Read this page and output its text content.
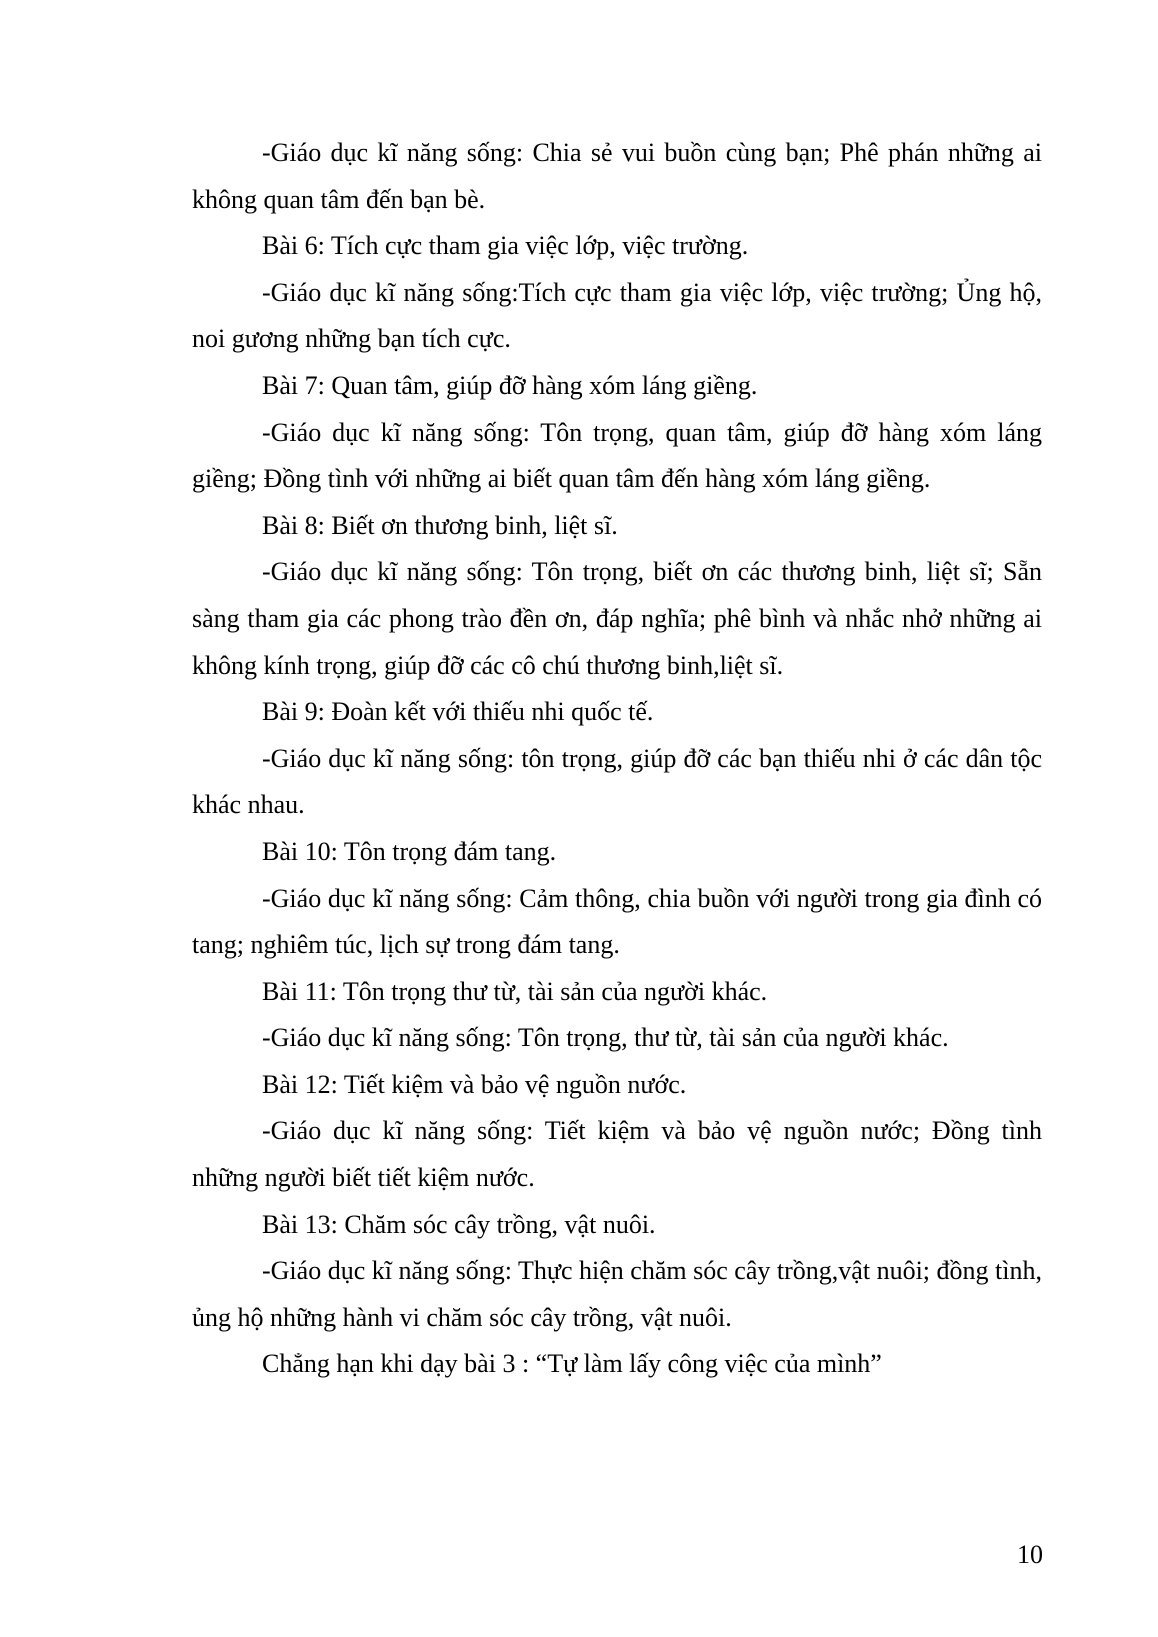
-Giáo dục kĩ năng sống: Chia sẻ vui buồn cùng bạn; Phê phán những ai không quan tâm đến bạn bè.

Bài 6: Tích cực tham gia việc lớp, việc trường.

-Giáo dục kĩ năng sống:Tích cực tham gia việc lớp, việc trường; Ủng hộ, noi gương những bạn tích cực.

Bài 7: Quan tâm, giúp đỡ hàng xóm láng giềng.

-Giáo dục kĩ năng sống: Tôn trọng, quan tâm, giúp đỡ hàng xóm láng giềng; Đồng tình với những ai biết quan tâm đến hàng xóm láng giềng.

Bài 8: Biết ơn thương binh, liệt sĩ.

-Giáo dục kĩ năng sống: Tôn trọng, biết ơn các thương binh, liệt sĩ; Sẵn sàng tham gia các phong trào đền ơn, đáp nghĩa; phê bình và nhắc nhở những ai không kính trọng, giúp đỡ các cô chú thương binh,liệt sĩ.

Bài 9: Đoàn kết với thiếu nhi quốc tế.

-Giáo dục kĩ năng sống: tôn trọng, giúp đỡ các bạn thiếu nhi ở các dân tộc khác nhau.

Bài 10: Tôn trọng đám tang.

-Giáo dục kĩ năng sống: Cảm thông, chia buồn với người trong gia đình có tang; nghiêm túc, lịch sự trong đám tang.

Bài 11: Tôn trọng thư từ, tài sản của người khác.

-Giáo dục kĩ năng sống: Tôn trọng, thư từ, tài sản của người khác.

Bài 12: Tiết kiệm và bảo vệ nguồn nước.

-Giáo dục kĩ năng sống: Tiết kiệm và bảo vệ nguồn nước; Đồng tình những người biết tiết kiệm nước.

Bài 13: Chăm sóc cây trồng, vật nuôi.

-Giáo dục kĩ năng sống: Thực hiện chăm sóc cây trồng,vật nuôi; đồng tình, ủng hộ những hành vi chăm sóc cây trồng, vật nuôi.

Chẳng hạn khi dạy bài 3 : “Tự làm lấy công việc của mình”

10
